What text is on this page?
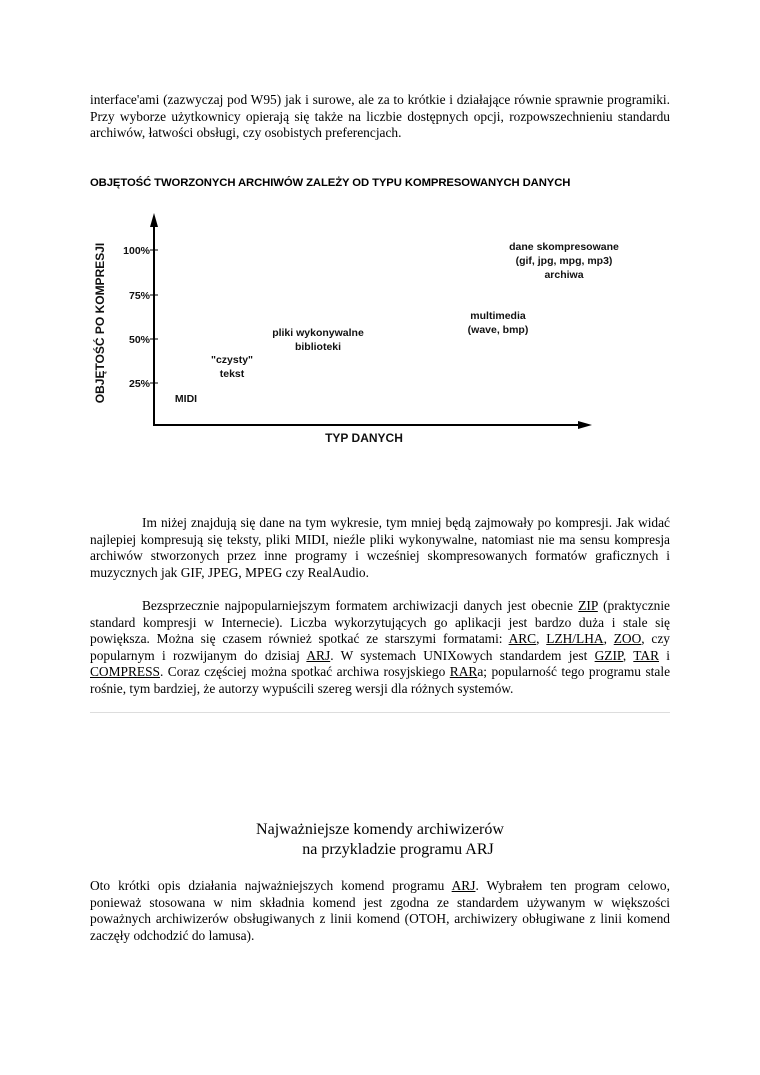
interface'ami (zazwyczaj pod W95) jak i surowe, ale za to krótkie i działające równie sprawnie programiki. Przy wyborze użytkownicy opierają się także na liczbie dostępnych opcji, rozpowszechnieniu standardu archiwów, łatwości obsługi, czy osobistych preferencjach.

OBJĘTOŚĆ TWORZONYCH ARCHIWÓW ZALEŻY OD TYPU KOMPRESOWANYCH DANYCH

100%
75%
50%
25%
OBJĘTOŚĆ PO KOMPRESJI
TYP DANYCH
MIDI
"czysty"
tekst
pliki wykonywalne
biblioteki
multimedia
(wave, bmp)
dane skompresowane
(gif, jpg, mpg, mp3)
archiwa

Im niżej znajdują się dane na tym wykresie, tym mniej będą zajmowały po kompresji. Jak widać najlepiej kompresują się teksty, pliki MIDI, nieźle pliki wykonywalne, natomiast nie ma sensu kompresja archiwów stworzonych przez inne programy i wcześniej skompresowanych formatów graficznych i muzycznych jak GIF, JPEG, MPEG czy RealAudio.

Bezsprzecznie najpopularniejszym formatem archiwizacji danych jest obecnie ZIP (praktycznie standard kompresji w Internecie). Liczba wykorzytujących go aplikacji jest bardzo duża i stale się powiększa. Można się czasem również spotkać ze starszymi formatami: ARC, LZH/LHA, ZOO, czy popularnym i rozwijanym do dzisiaj ARJ. W systemach UNIXowych standardem jest GZIP, TAR i COMPRESS. Coraz częściej można spotkać archiwa rosyjskiego RARa; popularność tego programu stale rośnie, tym bardziej, że autorzy wypuścili szereg wersji dla różnych systemów.

Najważniejsze komendy archiwizerów

na przykladzie programu ARJ

Oto krótki opis działania najważniejszych komend programu ARJ. Wybrałem ten program celowo, ponieważ stosowana w nim składnia komend jest zgodna ze standardem używanym w większości poważnych archiwizerów obsługiwanych z linii komend (OTOH, archiwizery obługiwane z linii komend zaczęły odchodzić do lamusa).
